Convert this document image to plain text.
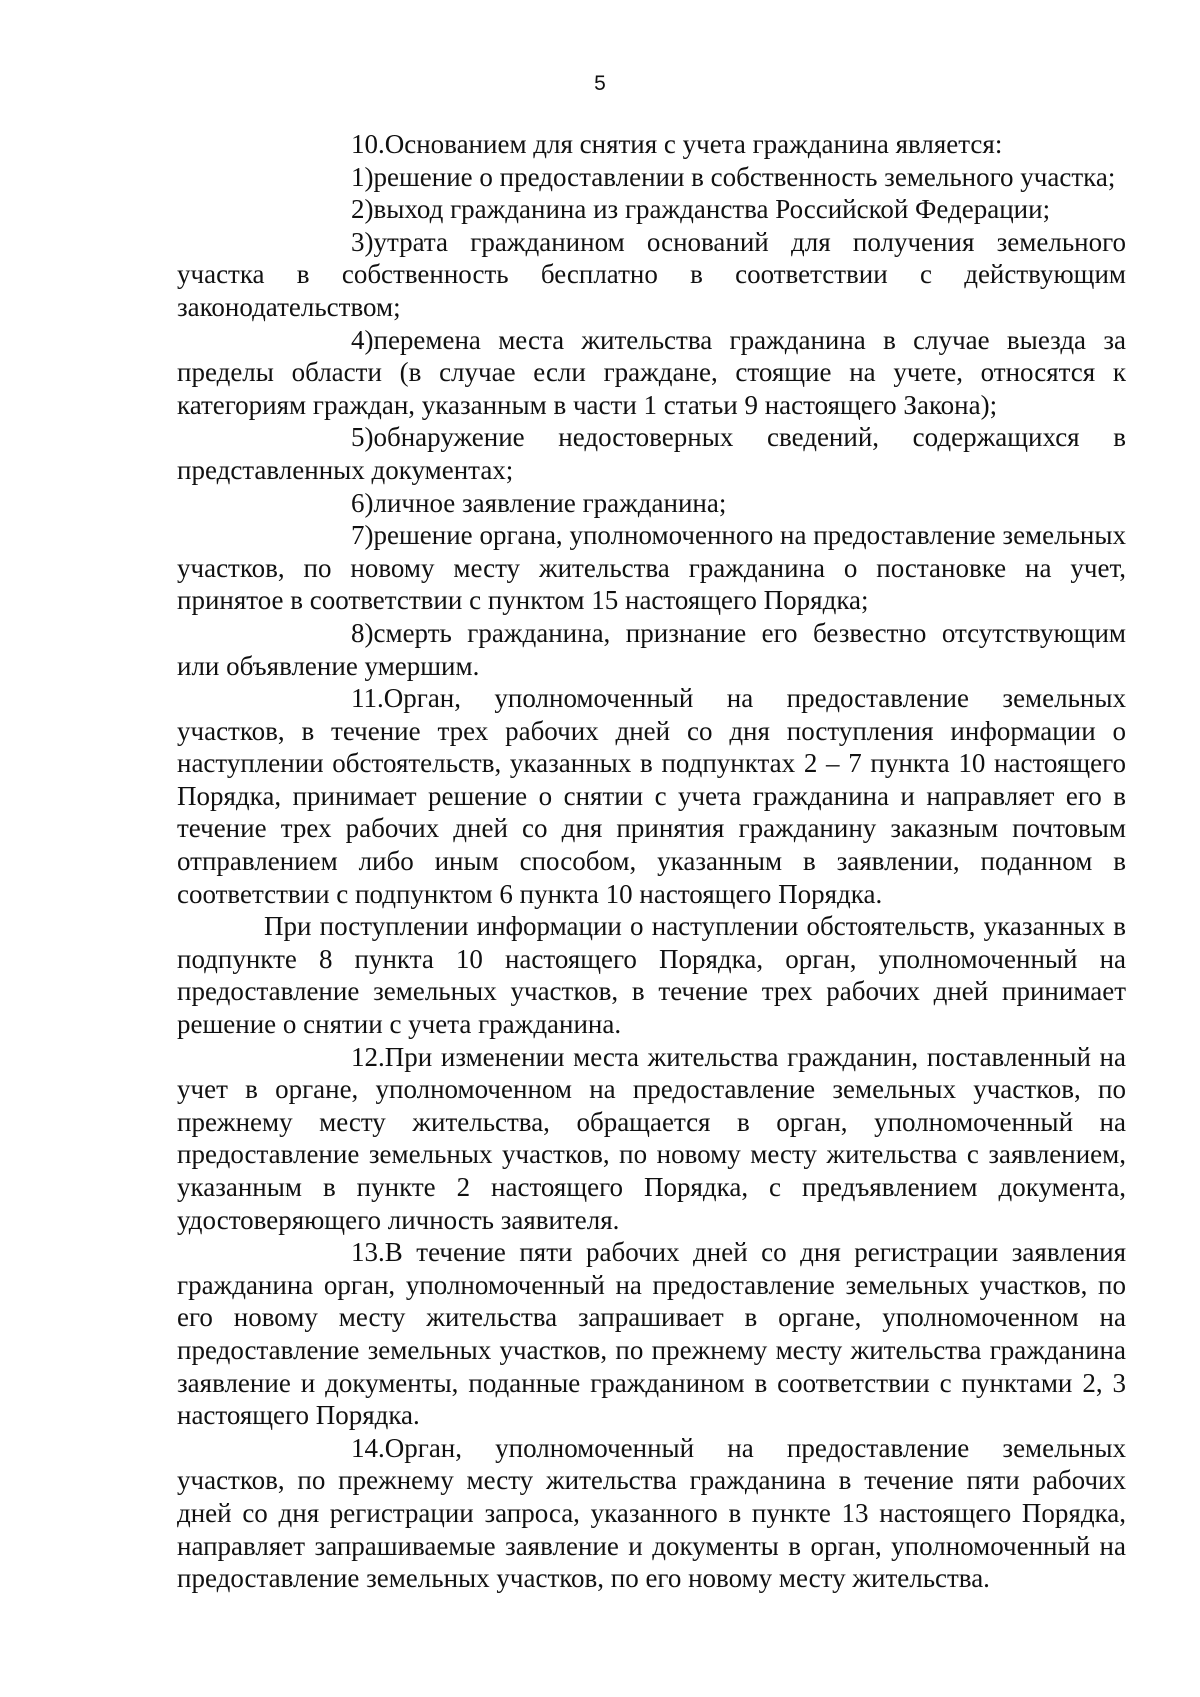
5

10.Основанием для снятия с учета гражданина является:

1)решение о предоставлении в собственность земельного участка;

2)выход гражданина из гражданства Российской Федерации;

3)утрата гражданином оснований для получения земельного участка в собственность бесплатно в соответствии с действующим законодательством;

4)перемена места жительства гражданина в случае выезда за пределы области (в случае если граждане, стоящие на учете, относятся к категориям граждан, указанным в части 1 статьи 9 настоящего Закона);

5)обнаружение недостоверных сведений, содержащихся в представленных документах;

6)личное заявление гражданина;

7)решение органа, уполномоченного на предоставление земельных участков, по новому месту жительства гражданина о постановке на учет, принятое в соответствии с пунктом 15 настоящего Порядка;

8)смерть гражданина, признание его безвестно отсутствующим или объявление умершим.

11.Орган, уполномоченный на предоставление земельных участков, в течение трех рабочих дней со дня поступления информации о наступлении обстоятельств, указанных в подпунктах 2 – 7 пункта 10 настоящего Порядка, принимает решение о снятии с учета гражданина и направляет его в течение трех рабочих дней со дня принятия гражданину заказным почтовым отправлением либо иным способом, указанным в заявлении, поданном в соответствии с подпунктом 6 пункта 10 настоящего Порядка.

При поступлении информации о наступлении обстоятельств, указанных в подпункте 8 пункта 10 настоящего Порядка, орган, уполномоченный на предоставление земельных участков, в течение трех рабочих дней принимает решение о снятии с учета гражданина.

12.При изменении места жительства гражданин, поставленный на учет в органе, уполномоченном на предоставление земельных участков, по прежнему месту жительства, обращается в орган, уполномоченный на предоставление земельных участков, по новому месту жительства с заявлением, указанным в пункте 2 настоящего Порядка, с предъявлением документа, удостоверяющего личность заявителя.

13.В течение пяти рабочих дней со дня регистрации заявления гражданина орган, уполномоченный на предоставление земельных участков, по его новому месту жительства запрашивает в органе, уполномоченном на предоставление земельных участков, по прежнему месту жительства гражданина заявление и документы, поданные гражданином в соответствии с пунктами 2, 3 настоящего Порядка.

14.Орган, уполномоченный на предоставление земельных участков, по прежнему месту жительства гражданина в течение пяти рабочих дней со дня регистрации запроса, указанного в пункте 13 настоящего Порядка, направляет запрашиваемые заявление и документы в орган, уполномоченный на предоставление земельных участков, по его новому месту жительства.
